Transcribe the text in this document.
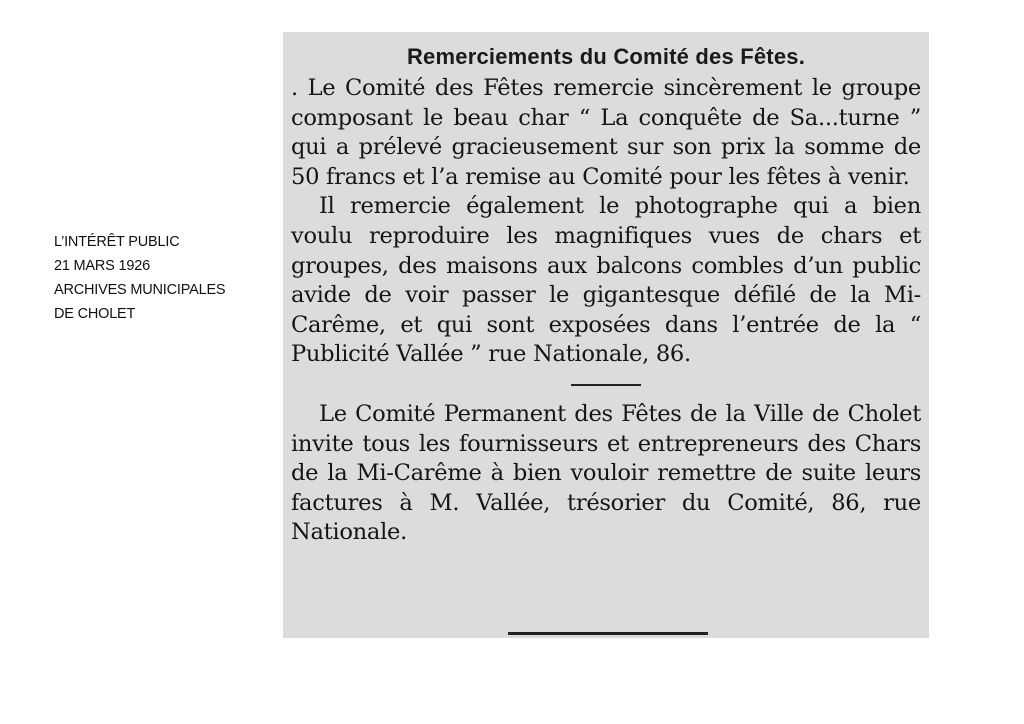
L’INTÉRÊT PUBLIC
21 MARS 1926
ARCHIVES MUNICIPALES
DE CHOLET
Remerciements du Comité des Fêtes.

. Le Comité des Fêtes remercie sincèrement le groupe composant le beau char “ La conquête de Sa...turne ” qui a prélevé gracieusement sur son prix la somme de 50 francs et l’a remise au Comité pour les fêtes à venir.

Il remercie également le photographe qui a bien voulu reproduire les magnifiques vues de chars et groupes, des maisons aux balcons combles d’un public avide de voir passer le gigantesque défilé de la Mi-Carême, et qui sont exposées dans l’entrée de la “ Publicité Vallée ” rue Nationale, 86.

Le Comité Permanent des Fêtes de la Ville de Cholet invite tous les fournisseurs et entrepreneurs des Chars de la Mi-Carême à bien vouloir remettre de suite leurs factures à M. Vallée, trésorier du Comité, 86, rue Nationale.
